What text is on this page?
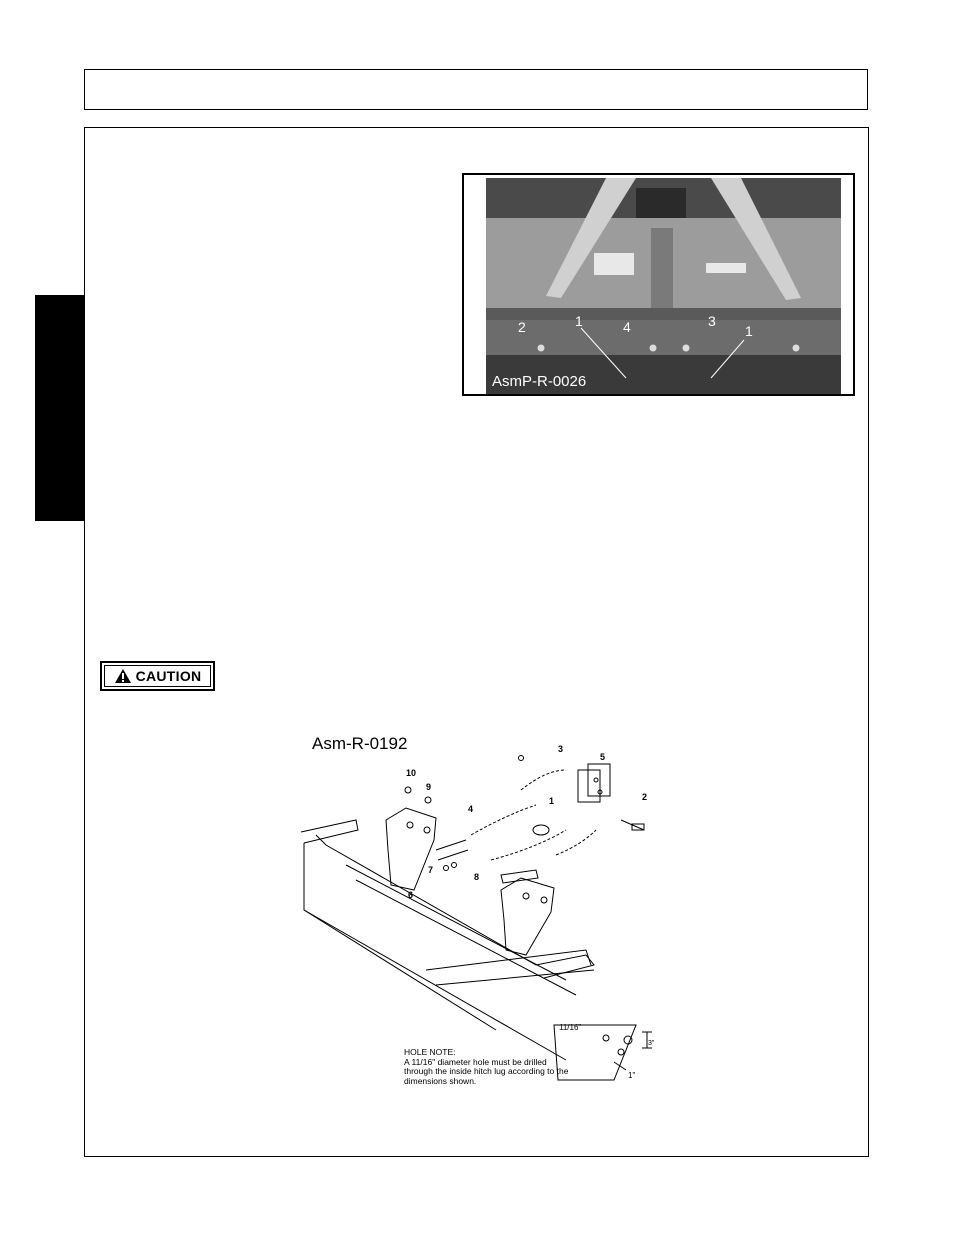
2	1	4	3
1
AsmP-R-0026
CAUTION
Asm-R-0192
11/16"
3"
1"
10
9
3
5
2
4
1
7
8
6
HOLE NOTE:
A 11/16" diameter hole must be drilled through the inside hitch lug according to the dimensions shown.
